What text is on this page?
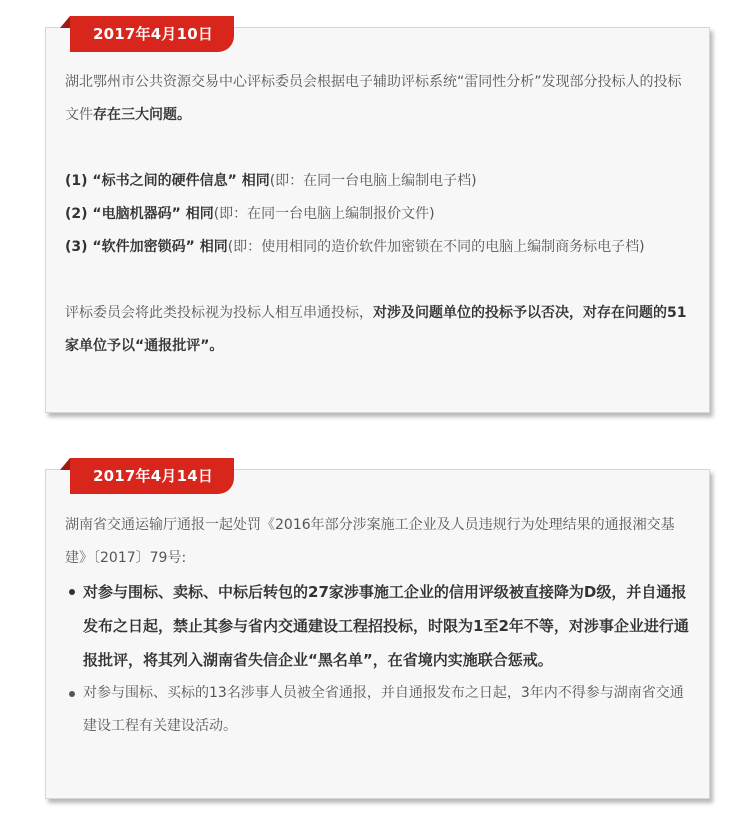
2017年4月10日

湖北鄂州市公共资源交易中心评标委员会根据电子辅助评标系统“雷同性分析”发现部分投标人的投标文件存在三大问题。

(1) “标书之间的硬件信息” 相同(即：在同一台电脑上编制电子档)

(2) “电脑机器码” 相同(即：在同一台电脑上编制报价文件)

(3) “软件加密锁码” 相同(即：使用相同的造价软件加密锁在不同的电脑上编制商务标电子档)

评标委员会将此类投标视为投标人相互串通投标，对涉及问题单位的投标予以否决，对存在问题的51家单位予以“通报批评”。

2017年4月14日

湖南省交通运输厅通报一起处罚《2016年部分涉案施工企业及人员违规行为处理结果的通报湘交基建》〔2017〕79号:

对参与围标、卖标、中标后转包的27家涉事施工企业的信用评级被直接降为D级，并自通报发布之日起，禁止其参与省内交通建设工程招投标，时限为1至2年不等，对涉事企业进行通报批评，将其列入湖南省失信企业“黑名单”，在省境内实施联合惩戒。
对参与围标、买标的13名涉事人员被全省通报，并自通报发布之日起，3年内不得参与湖南省交通建设工程有关建设活动。
